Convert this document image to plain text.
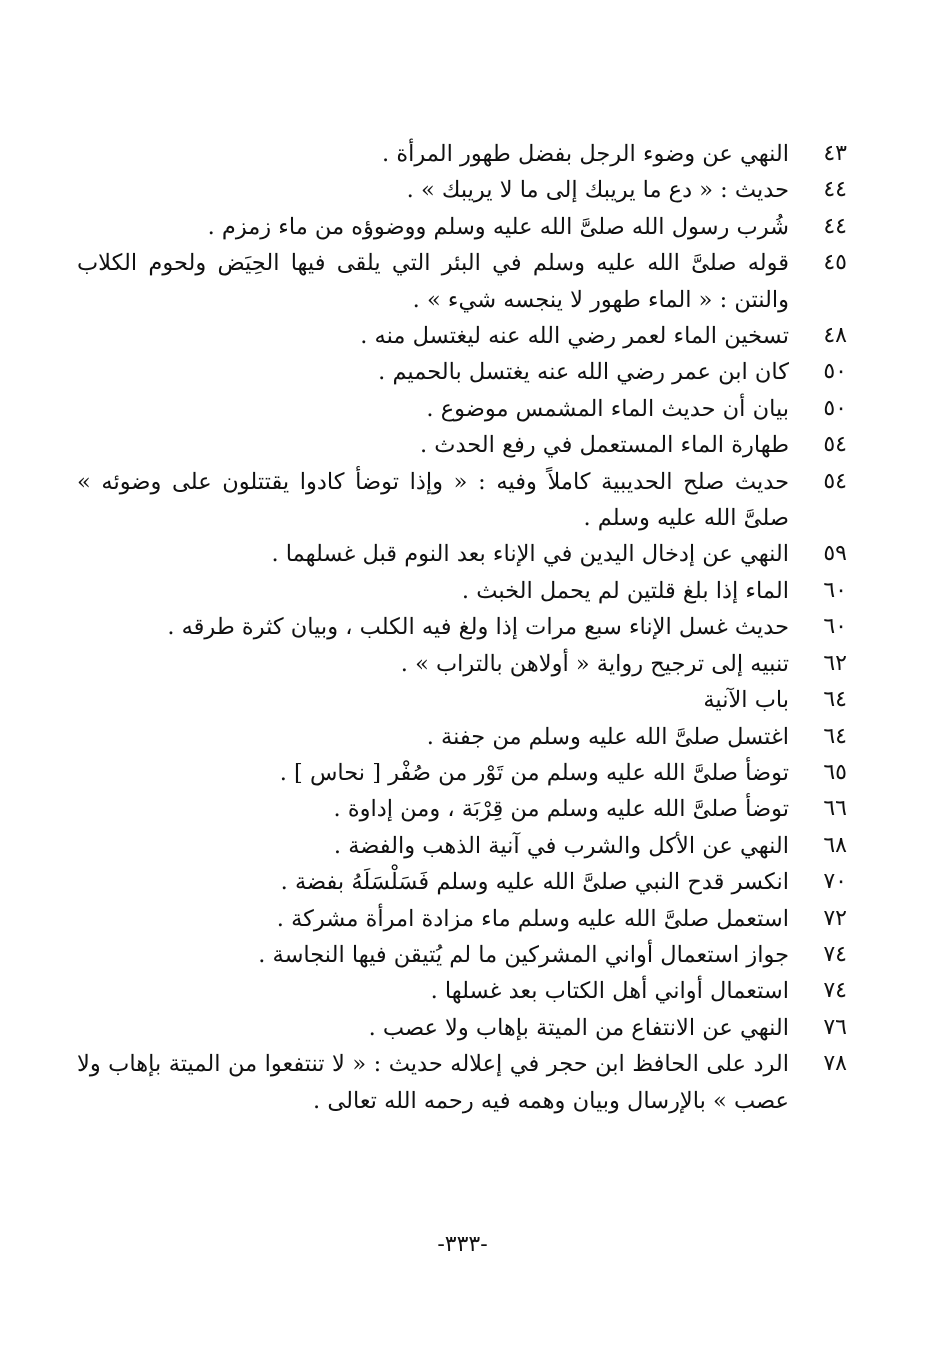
٤٣
النهي عن وضوء الرجل بفضل طهور المرأة .
٤٤
حديث : « دع ما يريبك إلى ما لا يريبك » .
٤٤
شُرب رسول الله صلىَّ الله عليه وسلم ووضوؤه من ماء زمزم .
٤٥
قوله صلىَّ الله عليه وسلم في البئر التي يلقى فيها الحِيَض ولحوم الكلاب والنتن : « الماء طهور لا ينجسه شيء » .
٤٨
تسخين الماء لعمر رضي الله عنه ليغتسل منه .
٥٠
كان ابن عمر رضي الله عنه يغتسل بالحميم .
٥٠
بيان أن حديث الماء المشمس موضوع .
٥٤
طهارة الماء المستعمل في رفع الحدث .
٥٤
حديث صلح الحديبية كاملاً وفيه : « وإذا توضأ كادوا يقتتلون على وضوئه » صلىَّ الله عليه وسلم .
٥٩
النهي عن إدخال اليدين في الإناء بعد النوم قبل غسلهما .
٦٠
الماء إذا بلغ قلتين لم يحمل الخبث .
٦٠
حديث غسل الإناء سبع مرات إذا ولغ فيه الكلب ، وبيان كثرة طرقه .
٦٢
تنبيه إلى ترجيح رواية « أولاهن بالتراب » .
٦٤
باب الآنية
٦٤
اغتسل صلىَّ الله عليه وسلم من جفنة .
٦٥
توضأ صلىَّ الله عليه وسلم من تَوْر من صُفْر [ نحاس ] .
٦٦
توضأ صلىَّ الله عليه وسلم من قِرْبَة ، ومن إداوة .
٦٨
النهي عن الأكل والشرب في آنية الذهب والفضة .
٧٠
انكسر قدح النبي صلىَّ الله عليه وسلم فَسَلْسَلَهُ بفضة .
٧٢
استعمل صلىَّ الله عليه وسلم ماء مزادة امرأة مشركة .
٧٤
جواز استعمال أواني المشركين ما لم يُتيقن فيها النجاسة .
٧٤
استعمال أواني أهل الكتاب بعد غسلها .
٧٦
النهي عن الانتفاع من الميتة بإهاب ولا عصب .
٧٨
الرد على الحافظ ابن حجر في إعلاله حديث : « لا تنتفعوا من الميتة بإهاب ولا عصب » بالإرسال وبيان وهمه فيه رحمه الله تعالى .
-٣٣٣-
